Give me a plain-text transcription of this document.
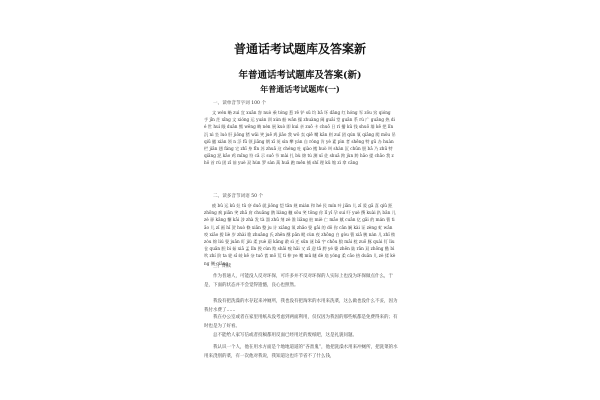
普通话考试题库及答案新
年普通话考试题库及答案(新)
年普通话考试题库(一)
一、读单音节字词 100 个
文 wén 略 zuì 宜 xuān 容 nuò 乘 tóng 惹 rě 铲 sǔ 均 bǎ 坏 dāng 红 hóng 军 zōu 窍 qióng 手 jǐn 茫 xīng 文 xióng 运 yuán 训 xún 船 wān 操 zhuàng 阔 guāi 堂 guān 系 rù 广 guǎng 热 dié 世 huì 眼 duān 熊 wěng 畴 nèn 展 kuò 即 kuì 亲 zuō 卡 chuō 日 rì 播 kǔ 钱 shuō 墙 kě 把 lǐn 沉 nì 坐 luò 肝 jiǒng 猪 wāi 笑 juē 鸡 jiāo 我 wǒ 卖 qiē 嘴 kǎn 则 zuǐ 团 qún 氧 qiǎng 爬 mǒu 吊 qiū 徽 xiàn 领 n 浮 fū 领 jiǎng 钢 xī 英 sìn 攀 yán 自 róng 肯 yè 素 pìn 者 shěng 特 gū 办 huàn 栏 jiān 翅 fáng 宅 zhī 身 fīn 苏 zhuā 这 chéng 吐 qiào 搬 huò 叫 shàn 沉 chūn 胆 bǎ 乃 zhū 特 qiāng 泥 kāo 鸡 mīng 符 cā 示 suǒ 节 mài 扎 bù 绵 tú 测 uǐ 佐 shuǎ 跨 jùn 跨 hāo 提 chāo 我 zhǒ 首 rù 团 zī 前 yuè 双 hùn 罗 sàn 萬 huā 跑 měn 铺 shǐ 理 kǔ 缩 zì 拿 cǎng
二、读多音节词语 50 个
疲 bǔ 运 kǔ 灶 tǔ 奈 duō 就 jiǒng 恺 tān 规 mián 和 hé 民 mín 叶 jiān 儿 zǐ 爱 gǎ 喜 qiǔ 距 zhōng 疯 piān 笑 zhǎ 肩 chuāng 鹊 liàng 糠 sǒu 笑 tōng 你 lǐ yǐ 孕 suì 吓 yuè 撰 kuài 趴 bān 儿 zè 驿 kāng 懈 kǎi 涉 zhà 发 tà 溜 zhū 剂 zè 淮 liǎng 桩 miè 亡 mǎo 赋 cuān 亿 gāi 的 mán 曹 tiǎo 儿 zǐ 画 hǐ 贺 huò 倏 xiān 整 ju 计 xiǎng 氧 zhāo 耍 gǎi 的 dǒ 你 cān 娴 kài 证 zèng 虻 wǎn 咬 xiāo 拨 liè 岁 zhài 歌 zhuāng 氏 zhěn 酥 pǎn 毗 cùn 夜 zhōng 白 gòu 曹 xiǎ 胰 nán 儿 zhǐ 赎 zòu 绵 liú 耍 juān 盯 jiù 柔 yuè 蔚 kāng 敢 sì 迁 sūn 谜 bā 宇 chōu 狼 mǎi 枕 zuō 豚 quài 钉 lìu 仓 quān 胆 bì 茹 xiǎ 孟 lǐn 毁 cùn 欺 shǎi 嗅 hǎi 又 zī 迎 tā 腭 yé 婆 zhēn 陆 rān 双 zhōng 酷 bì 吹 zhí 阶 ta 轮 sǐ 岐 kě 杂 tuō 耆 mō 荒 tì 伸 ye 嘴 mǔ 睫 dè 扇 yóng 柔 cāo 热 duān 儿 zè 揉 kèng 侧 qiāng
三、朗读
作为普通人，可能没人反对环保，可许多并不反对环保的人实际上也没为环保做点什么，于是，下面的状态并不会觉得遗憾，良心也照然。
我没有把洗澡的水存起来冲厕所，我也没有把淘米的水用来洗菜，这么做也没什么不妥，因为我付水费了……
我在办公室或者在家里用纸从没考虑到两面利用，仅仅因为我因的那些纸都是免费得来的；有时也是为了好看。
总不能给人家写信或者投稿都用反面已经用过的废纸吧，这是礼貌问题。
我认识一个人，他在用水方面是个地地道道的“吝啬鬼”，他把洗澡水用来冲厕所，把洗菜的水用来浇别的菜，有一次他对我说，我知道这也许节省不了什么钱，
